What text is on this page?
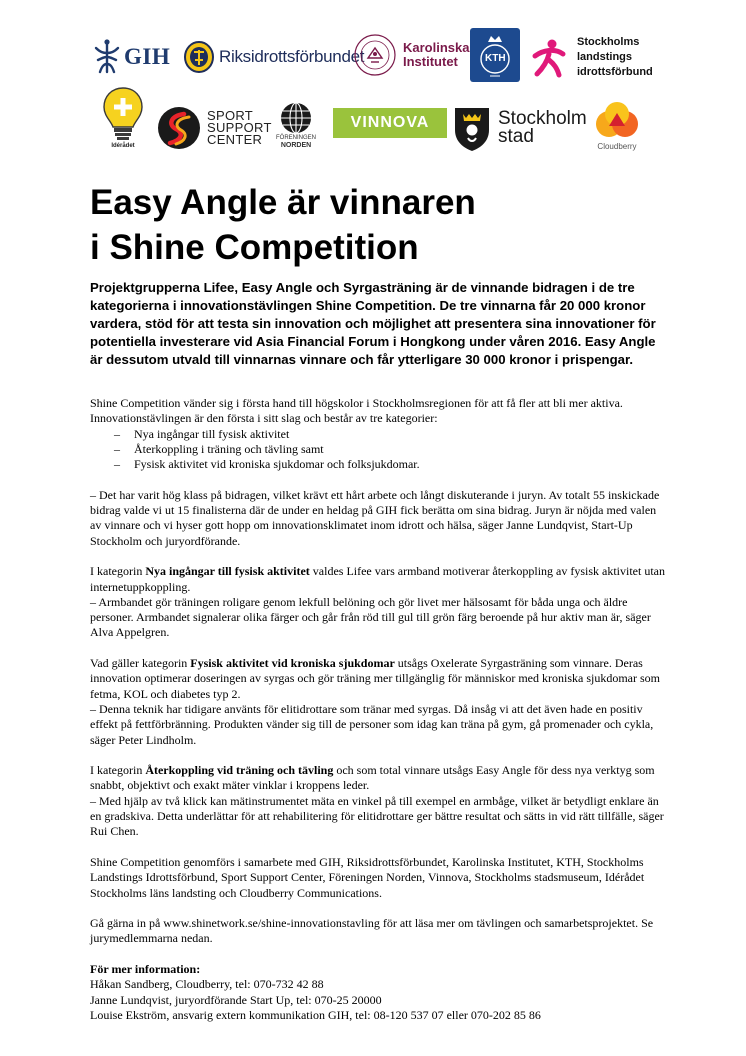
GIH	Riksidrottsförbundet	Karolinska
Institutet	KTH
Stockholms
landstings
idrottsförbund
Idérådet
SPORT
SUPPORT
CENTER	FÖRENINGEN
NORDEN
VINNOVA	Stockholm
stad	Cloudberry
Easy Angle är vinnaren
i Shine Competition

Projektgrupperna Lifee, Easy Angle och Syrgasträning är de vinnande bidragen i de tre kategorierna i innovationstävlingen Shine Competition. De tre vinnarna får 20 000 kronor vardera, stöd för att testa sin innovation och möjlighet att presentera sina innovationer för potentiella investerare vid Asia Financial Forum i Hongkong under våren 2016. Easy Angle är dessutom utvald till vinnarnas vinnare och får ytterligare 30 000 kronor i prispengar.

Shine Competition vänder sig i första hand till högskolor i Stockholmsregionen för att få fler att bli mer aktiva. Innovationstävlingen är den första i sitt slag och består av tre kategorier:

– Nya ingångar till fysisk aktivitet
– Återkoppling i träning och tävling samt
– Fysisk aktivitet vid kroniska sjukdomar och folksjukdomar.

– Det har varit hög klass på bidragen, vilket krävt ett hårt arbete och långt diskuterande i juryn. Av totalt 55 inskickade bidrag valde vi ut 15 finalisterna där de under en heldag på GIH fick berätta om sina bidrag. Juryn är nöjda med valen av vinnare och vi hyser gott hopp om innovationsklimatet inom idrott och hälsa, säger Janne Lundqvist, Start-Up Stockholm och juryordförande.

I kategorin Nya ingångar till fysisk aktivitet valdes Lifee vars armband motiverar återkoppling av fysisk aktivitet utan internetuppkoppling.
– Armbandet gör träningen roligare genom lekfull belöning och gör livet mer hälsosamt för båda unga och äldre personer. Armbandet signalerar olika färger och går från röd till gul till grön färg beroende på hur aktiv man är, säger Alva Appelgren.

Vad gäller kategorin Fysisk aktivitet vid kroniska sjukdomar utsågs Oxelerate Syrgasträning som vinnare. Deras innovation optimerar doseringen av syrgas och gör träning mer tillgänglig för människor med kroniska sjukdomar som fetma, KOL och diabetes typ 2.
– Denna teknik har tidigare använts för elitidrottare som tränar med syrgas. Då insåg vi att det även hade en positiv effekt på fettförbränning. Produkten vänder sig till de personer som idag kan träna på gym, gå promenader och cykla, säger Peter Lindholm.

I kategorin Återkoppling vid träning och tävling och som total vinnare utsågs Easy Angle för dess nya verktyg som snabbt, objektivt och exakt mäter vinklar i kroppens leder.
– Med hjälp av två klick kan mätinstrumentet mäta en vinkel på till exempel en armbåge, vilket är betydligt enklare än en gradskiva. Detta underlättar för att rehabilitering för elitidrottare ger bättre resultat och sätts in vid rätt tillfälle, säger Rui Chen.

Shine Competition genomförs i samarbete med GIH, Riksidrottsförbundet, Karolinska Institutet, KTH, Stockholms Landstings Idrottsförbund, Sport Support Center, Föreningen Norden, Vinnova, Stockholms stadsmuseum, Idérådet Stockholms läns landsting och Cloudberry Communications.

Gå gärna in på www.shinetwork.se/shine-innovationstavling för att läsa mer om tävlingen och samarbetsprojektet. Se jurymedlemmarna nedan.

För mer information:
Håkan Sandberg, Cloudberry, tel: 070-732 42 88
Janne Lundqvist, juryordförande Start Up, tel: 070-25 20000
Louise Ekström, ansvarig extern kommunikation GIH, tel: 08-120 537 07 eller 070-202 85 86
